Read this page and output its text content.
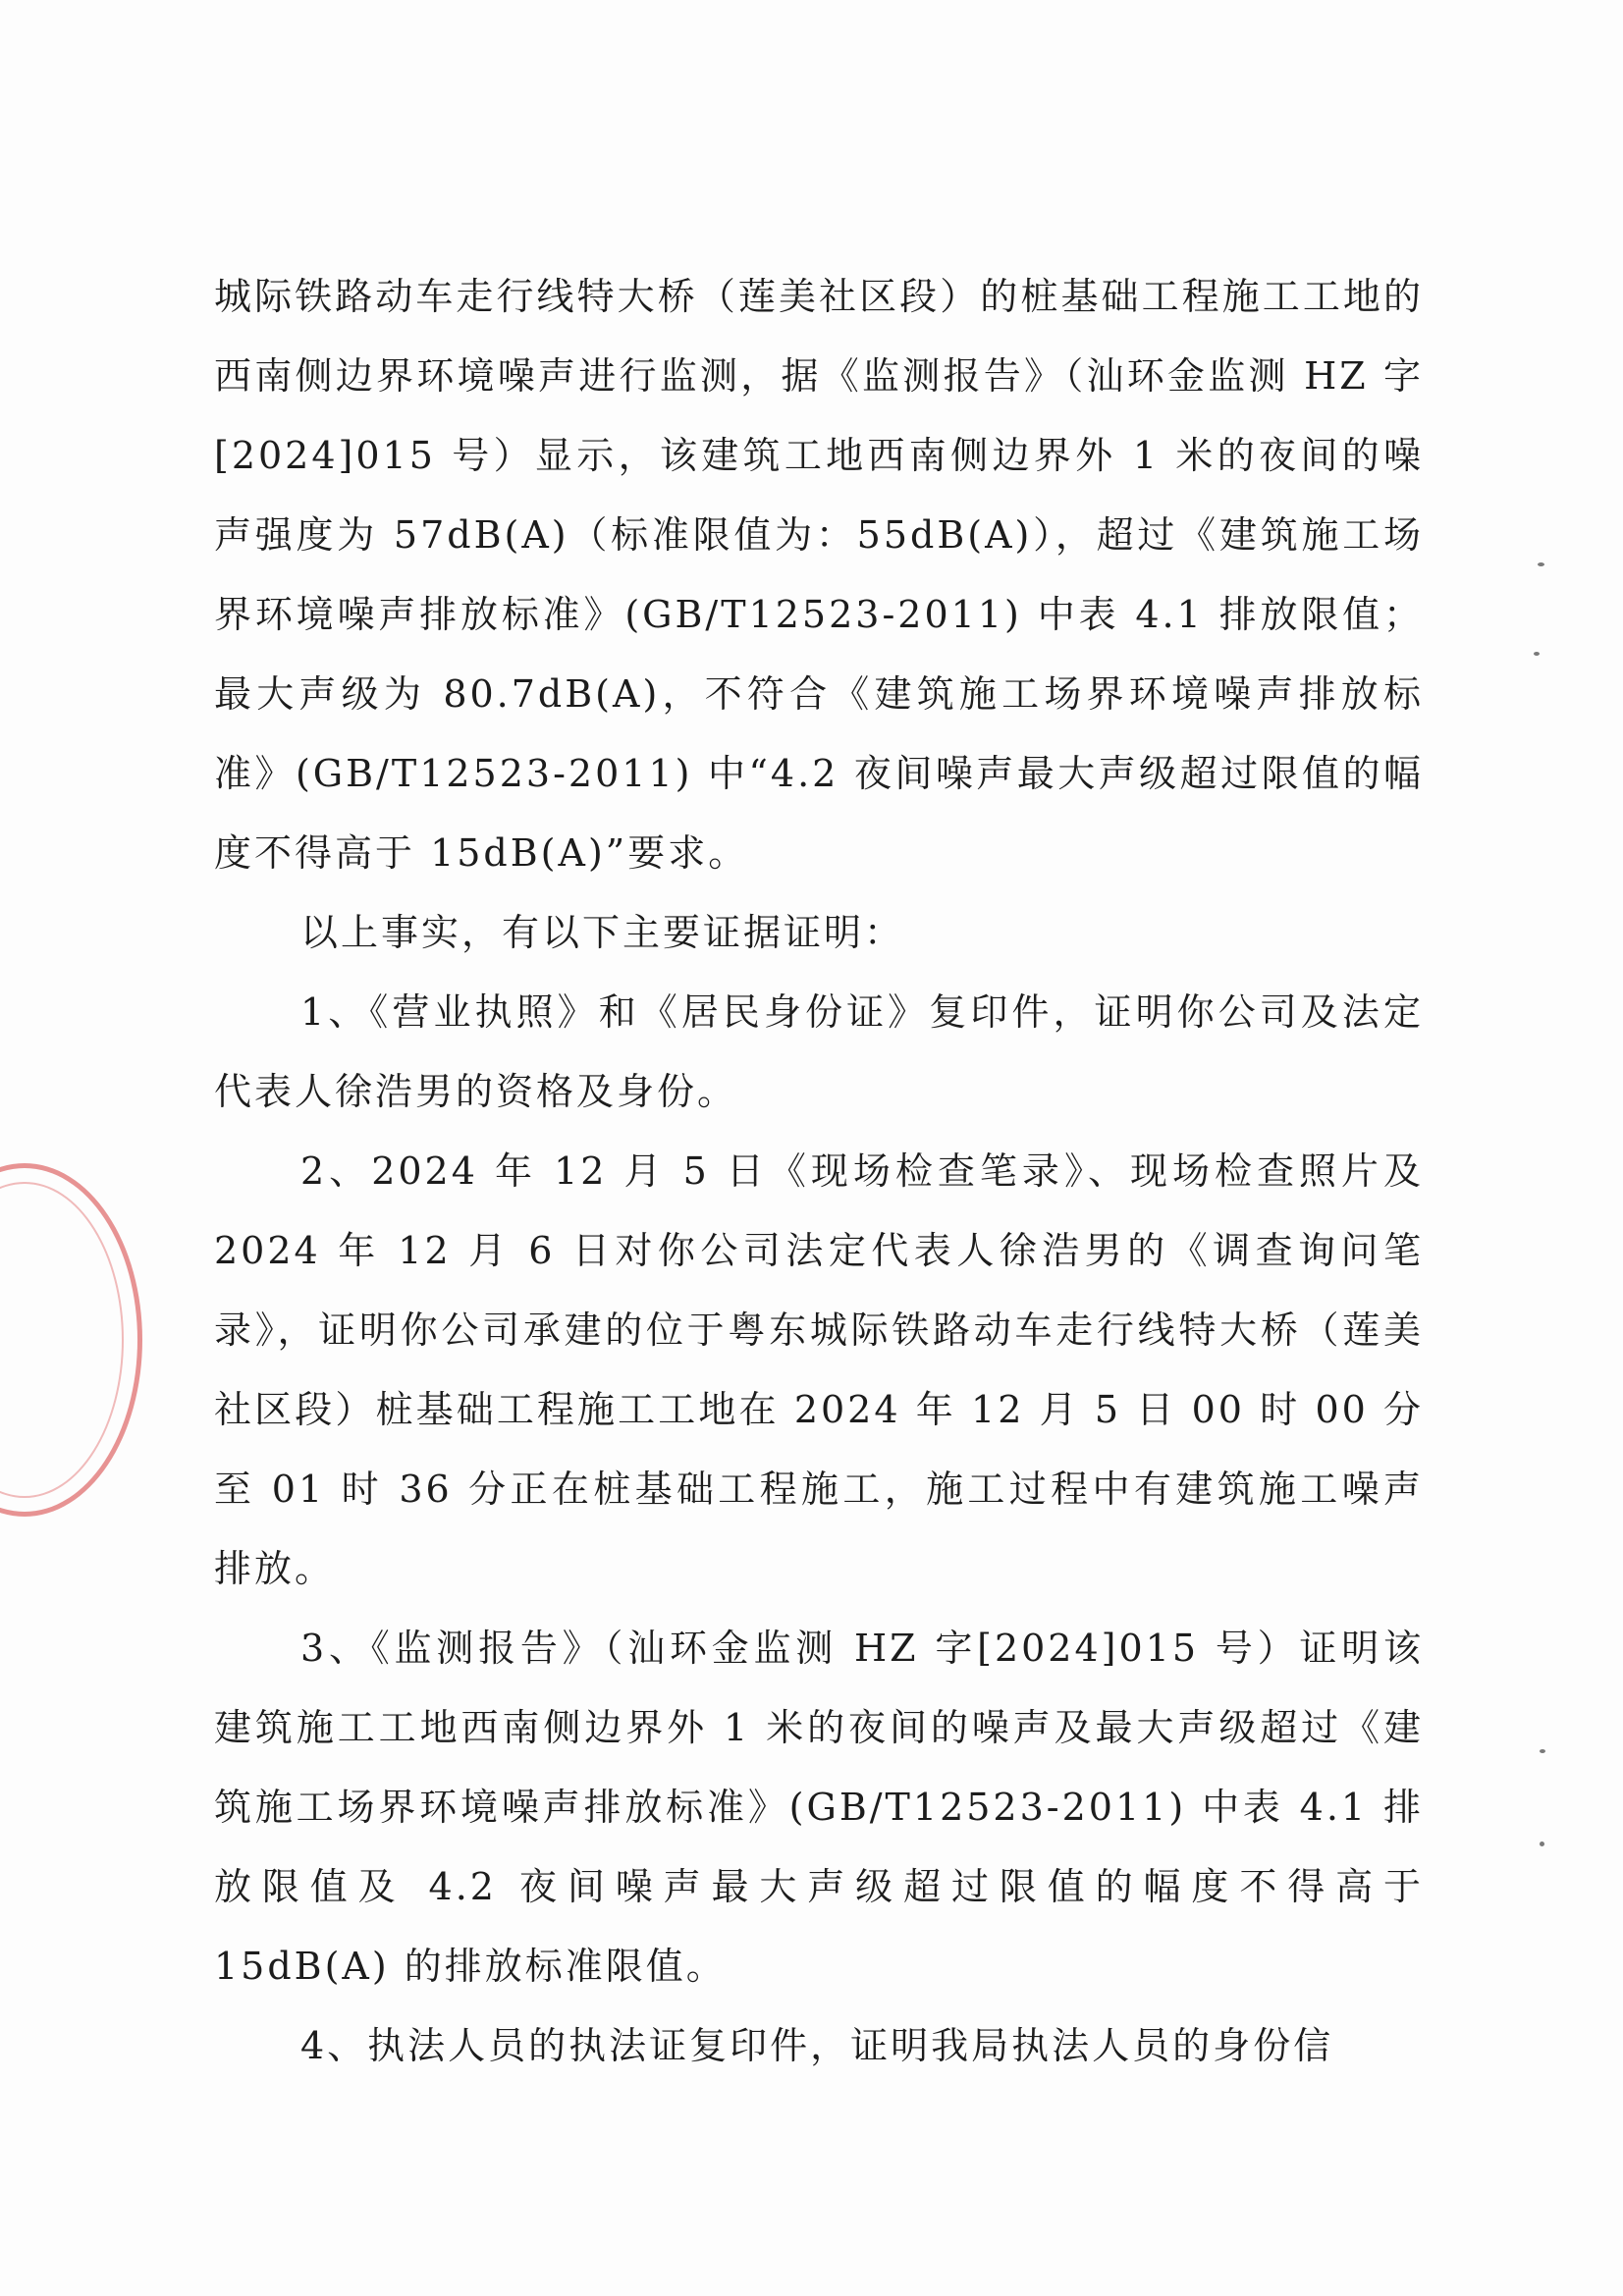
城际铁路动车走行线特大桥（莲美社区段）的桩基础工程施工工地的西南侧边界环境噪声进行监测，据《监测报告》（汕环金监测 HZ 字[2024]015 号）显示，该建筑工地西南侧边界外 1 米的夜间的噪声强度为 57dB(A)（标准限值为：55dB(A)），超过《建筑施工场界环境噪声排放标准》(GB/T12523-2011) 中表 4.1 排放限值；最大声级为 80.7dB(A)，不符合《建筑施工场界环境噪声排放标准》(GB/T12523-2011) 中“4.2 夜间噪声最大声级超过限值的幅度不得高于 15dB(A)”要求。

以上事实，有以下主要证据证明：

1、《营业执照》和《居民身份证》复印件，证明你公司及法定代表人徐浩男的资格及身份。

2、2024 年 12 月 5 日《现场检查笔录》、现场检查照片及 2024 年 12 月 6 日对你公司法定代表人徐浩男的《调查询问笔录》，证明你公司承建的位于粤东城际铁路动车走行线特大桥（莲美社区段）桩基础工程施工工地在 2024 年 12 月 5 日 00 时 00 分至 01 时 36 分正在桩基础工程施工，施工过程中有建筑施工噪声排放。

3、《监测报告》（汕环金监测 HZ 字[2024]015 号）证明该建筑施工工地西南侧边界外 1 米的夜间的噪声及最大声级超过《建筑施工场界环境噪声排放标准》(GB/T12523-2011) 中表 4.1 排放限值及 4.2 夜间噪声最大声级超过限值的幅度不得高于 15dB(A) 的排放标准限值。

4、执法人员的执法证复印件，证明我局执法人员的身份信
